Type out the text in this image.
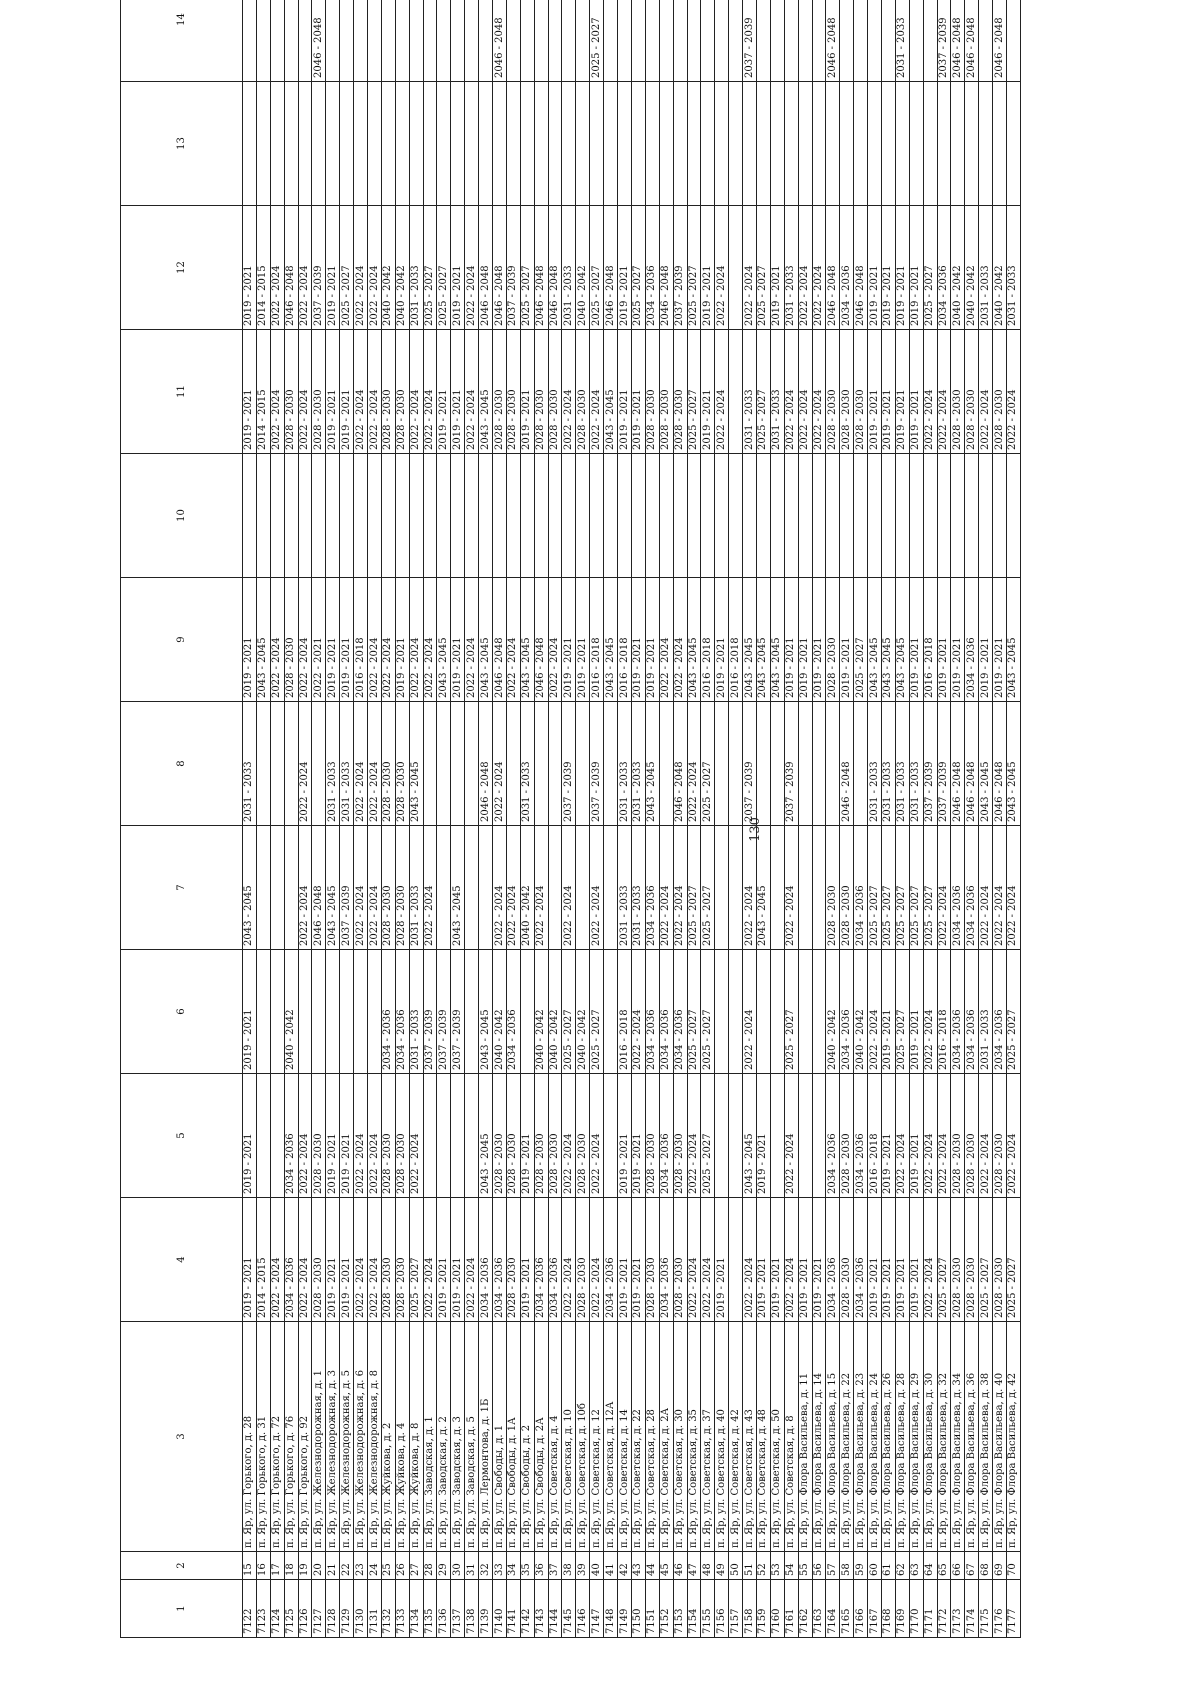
130
1	2	3	4	5	6	7	8	9	10	11	12	13	14
7122	15	п. Яр, ул. Горького, д. 28	2019 - 2021	2019 - 2021	2019 - 2021	2043 - 2045	2031 - 2033	2019 - 2021		2019 - 2021	2019 - 2021		
7123	16	п. Яр, ул. Горького, д. 31	2014 - 2015					2043 - 2045		2014 - 2015	2014 - 2015		
7124	17	п. Яр, ул. Горького, д. 72	2022 - 2024					2022 - 2024		2022 - 2024	2022 - 2024		
7125	18	п. Яр, ул. Горького, д. 76	2034 - 2036	2034 - 2036	2040 - 2042			2028 - 2030		2028 - 2030	2046 - 2048		
7126	19	п. Яр, ул. Горького, д. 92	2022 - 2024	2022 - 2024		2022 - 2024	2022 - 2024	2022 - 2024		2022 - 2024	2022 - 2024		
7127	20	п. Яр, ул. Железнодорожная, д. 1	2028 - 2030	2028 - 2030		2046 - 2048		2022 - 2021		2028 - 2030	2037 - 2039		2046 - 2048
7128	21	п. Яр, ул. Железнодорожная, д. 3	2019 - 2021	2019 - 2021		2043 - 2045	2031 - 2033	2019 - 2021		2019 - 2021	2019 - 2021		
7129	22	п. Яр, ул. Железнодорожная, д. 5	2019 - 2021	2019 - 2021		2037 - 2039	2031 - 2033	2019 - 2021		2019 - 2021	2025 - 2027		
7130	23	п. Яр, ул. Железнодорожная, д. 6	2022 - 2024	2022 - 2024		2022 - 2024	2022 - 2024	2016 - 2018		2022 - 2024	2022 - 2024		
7131	24	п. Яр, ул. Железнодорожная, д. 8	2022 - 2024	2022 - 2024		2022 - 2024	2022 - 2024	2022 - 2024		2022 - 2024	2022 - 2024		
7132	25	п. Яр, ул. Жуйкова, д. 2	2028 - 2030	2028 - 2030	2034 - 2036	2028 - 2030	2028 - 2030	2022 - 2024		2028 - 2030	2040 - 2042		
7133	26	п. Яр, ул. Жуйкова, д. 4	2028 - 2030	2028 - 2030	2034 - 2036	2028 - 2030	2028 - 2030	2019 - 2021		2028 - 2030	2040 - 2042		
7134	27	п. Яр, ул. Жуйкова, д. 8	2025 - 2027	2022 - 2024	2031 - 2033	2031 - 2033	2043 - 2045	2022 - 2024		2022 - 2024	2031 - 2033		
7135	28	п. Яр, ул. Заводская, д. 1	2022 - 2024		2037 - 2039	2022 - 2024		2022 - 2024		2022 - 2024	2025 - 2027		
7136	29	п. Яр, ул. Заводская, д. 2	2019 - 2021		2037 - 2039			2043 - 2045		2019 - 2021	2025 - 2027		
7137	30	п. Яр, ул. Заводская, д. 3	2019 - 2021		2037 - 2039	2043 - 2045		2019 - 2021		2019 - 2021	2019 - 2021		
7138	31	п. Яр, ул. Заводская, д. 5	2022 - 2024					2022 - 2024		2022 - 2024	2022 - 2024		
7139	32	п. Яр, ул. Лермонтова, д. 1Б	2034 - 2036	2043 - 2045	2043 - 2045		2046 - 2048	2043 - 2045		2043 - 2045	2046 - 2048		
7140	33	п. Яр, ул. Свободы, д. 1	2034 - 2036	2028 - 2030	2040 - 2042	2022 - 2024	2022 - 2024	2046 - 2048		2028 - 2030	2046 - 2048		2046 - 2048
7141	34	п. Яр, ул. Свободы, д. 1А	2028 - 2030	2028 - 2030	2034 - 2036	2022 - 2024		2022 - 2024		2028 - 2030	2037 - 2039		
7142	35	п. Яр, ул. Свободы, д. 2	2019 - 2021	2019 - 2021		2040 - 2042	2031 - 2033	2043 - 2045		2019 - 2021	2025 - 2027		
7143	36	п. Яр, ул. Свободы, д. 2А	2034 - 2036	2028 - 2030	2040 - 2042	2022 - 2024		2046 - 2048		2028 - 2030	2046 - 2048		
7144	37	п. Яр, ул. Советская, д. 4	2034 - 2036	2028 - 2030	2040 - 2042			2022 - 2024		2028 - 2030	2046 - 2048		
7145	38	п. Яр, ул. Советская, д. 10	2022 - 2024	2022 - 2024	2025 - 2027	2022 - 2024	2037 - 2039	2019 - 2021		2022 - 2024	2031 - 2033		
7146	39	п. Яр, ул. Советская, д. 10б	2028 - 2030	2028 - 2030	2040 - 2042			2019 - 2021		2028 - 2030	2040 - 2042		
7147	40	п. Яр, ул. Советская, д. 12	2022 - 2024	2022 - 2024	2025 - 2027	2022 - 2024	2037 - 2039	2016 - 2018		2022 - 2024	2025 - 2027		2025 - 2027
7148	41	п. Яр, ул. Советская, д. 12А	2034 - 2036					2043 - 2045		2043 - 2045	2046 - 2048		
7149	42	п. Яр, ул. Советская, д. 14	2019 - 2021	2019 - 2021	2016 - 2018	2031 - 2033	2031 - 2033	2016 - 2018		2019 - 2021	2019 - 2021		
7150	43	п. Яр, ул. Советская, д. 22	2019 - 2021	2019 - 2021	2022 - 2024	2031 - 2033	2031 - 2033	2019 - 2021		2019 - 2021	2025 - 2027		
7151	44	п. Яр, ул. Советская, д. 28	2028 - 2030	2028 - 2030	2034 - 2036	2034 - 2036	2043 - 2045	2019 - 2021		2028 - 2030	2034 - 2036		
7152	45	п. Яр, ул. Советская, д. 2А	2034 - 2036	2034 - 2036	2034 - 2036	2022 - 2024		2022 - 2024		2028 - 2030	2046 - 2048		
7153	46	п. Яр, ул. Советская, д. 30	2028 - 2030	2028 - 2030	2034 - 2036	2022 - 2024	2046 - 2048	2022 - 2024		2028 - 2030	2037 - 2039		
7154	47	п. Яр, ул. Советская, д. 35	2022 - 2024	2022 - 2024	2025 - 2027	2025 - 2027	2022 - 2024	2043 - 2045		2025 - 2027	2025 - 2027		
7155	48	п. Яр, ул. Советская, д. 37	2022 - 2024	2025 - 2027	2025 - 2027	2025 - 2027	2025 - 2027	2016 - 2018		2019 - 2021	2019 - 2021		
7156	49	п. Яр, ул. Советская, д. 40	2019 - 2021					2019 - 2021		2022 - 2024	2022 - 2024		
7157	50	п. Яр, ул. Советская, д. 42						2016 - 2018					
7158	51	п. Яр, ул. Советская, д. 43	2022 - 2024	2043 - 2045	2022 - 2024	2022 - 2024	2037 - 2039	2043 - 2045		2031 - 2033	2022 - 2024		2037 - 2039
7159	52	п. Яр, ул. Советская, д. 48	2019 - 2021	2019 - 2021		2043 - 2045		2043 - 2045		2025 - 2027	2025 - 2027		
7160	53	п. Яр, ул. Советская, д. 50	2019 - 2021					2043 - 2045		2031 - 2033	2019 - 2021		
7161	54	п. Яр, ул. Советская, д. 8	2022 - 2024	2022 - 2024	2025 - 2027	2022 - 2024	2037 - 2039	2019 - 2021		2022 - 2024	2031 - 2033		
7162	55	п. Яр, ул. Флора Васильева, д. 11	2019 - 2021					2019 - 2021		2022 - 2024	2022 - 2024		
7163	56	п. Яр, ул. Флора Васильева, д. 14	2019 - 2021					2019 - 2021		2022 - 2024	2022 - 2024		
7164	57	п. Яр, ул. Флора Васильева, д. 15	2034 - 2036	2034 - 2036	2040 - 2042	2028 - 2030		2028 - 2030		2028 - 2030	2046 - 2048		2046 - 2048
7165	58	п. Яр, ул. Флора Васильева, д. 22	2028 - 2030	2028 - 2030	2034 - 2036	2028 - 2030	2046 - 2048	2019 - 2021		2028 - 2030	2034 - 2036		
7166	59	п. Яр, ул. Флора Васильева, д. 23	2034 - 2036	2034 - 2036	2040 - 2042	2034 - 2036		2025 - 2027		2028 - 2030	2046 - 2048		
7167	60	п. Яр, ул. Флора Васильева, д. 24	2019 - 2021	2016 - 2018	2022 - 2024	2025 - 2027	2031 - 2033	2043 - 2045		2019 - 2021	2019 - 2021		
7168	61	п. Яр, ул. Флора Васильева, д. 26	2019 - 2021	2019 - 2021	2019 - 2021	2025 - 2027	2031 - 2033	2043 - 2045		2019 - 2021	2019 - 2021		
7169	62	п. Яр, ул. Флора Васильева, д. 28	2019 - 2021	2022 - 2024	2025 - 2027	2025 - 2027	2031 - 2033	2043 - 2045		2019 - 2021	2019 - 2021		2031 - 2033
7170	63	п. Яр, ул. Флора Васильева, д. 29	2019 - 2021	2019 - 2021	2019 - 2021	2025 - 2027	2031 - 2033	2019 - 2021		2019 - 2021	2019 - 2021		
7171	64	п. Яр, ул. Флора Васильева, д. 30	2022 - 2024	2022 - 2024	2022 - 2024	2025 - 2027	2037 - 2039	2016 - 2018		2022 - 2024	2025 - 2027		
7172	65	п. Яр, ул. Флора Васильева, д. 32	2025 - 2027	2022 - 2024	2016 - 2018	2022 - 2024	2037 - 2039	2019 - 2021		2022 - 2024	2034 - 2036		2037 - 2039
7173	66	п. Яр, ул. Флора Васильева, д. 34	2028 - 2030	2028 - 2030	2034 - 2036	2034 - 2036	2046 - 2048	2019 - 2021		2028 - 2030	2040 - 2042		2046 - 2048
7174	67	п. Яр, ул. Флора Васильева, д. 36	2028 - 2030	2028 - 2030	2034 - 2036	2034 - 2036	2046 - 2048	2034 - 2036		2028 - 2030	2040 - 2042		2046 - 2048
7175	68	п. Яр, ул. Флора Васильева, д. 38	2025 - 2027	2022 - 2024	2031 - 2033	2022 - 2024	2043 - 2045	2019 - 2021		2022 - 2024	2031 - 2033		
7176	69	п. Яр, ул. Флора Васильева, д. 40	2028 - 2030	2028 - 2030	2034 - 2036	2022 - 2024	2046 - 2048	2019 - 2021		2028 - 2030	2040 - 2042		2046 - 2048
7177	70	п. Яр, ул. Флора Васильева, д. 42	2025 - 2027	2022 - 2024	2025 - 2027	2022 - 2024	2043 - 2045	2043 - 2045		2022 - 2024	2031 - 2033		
